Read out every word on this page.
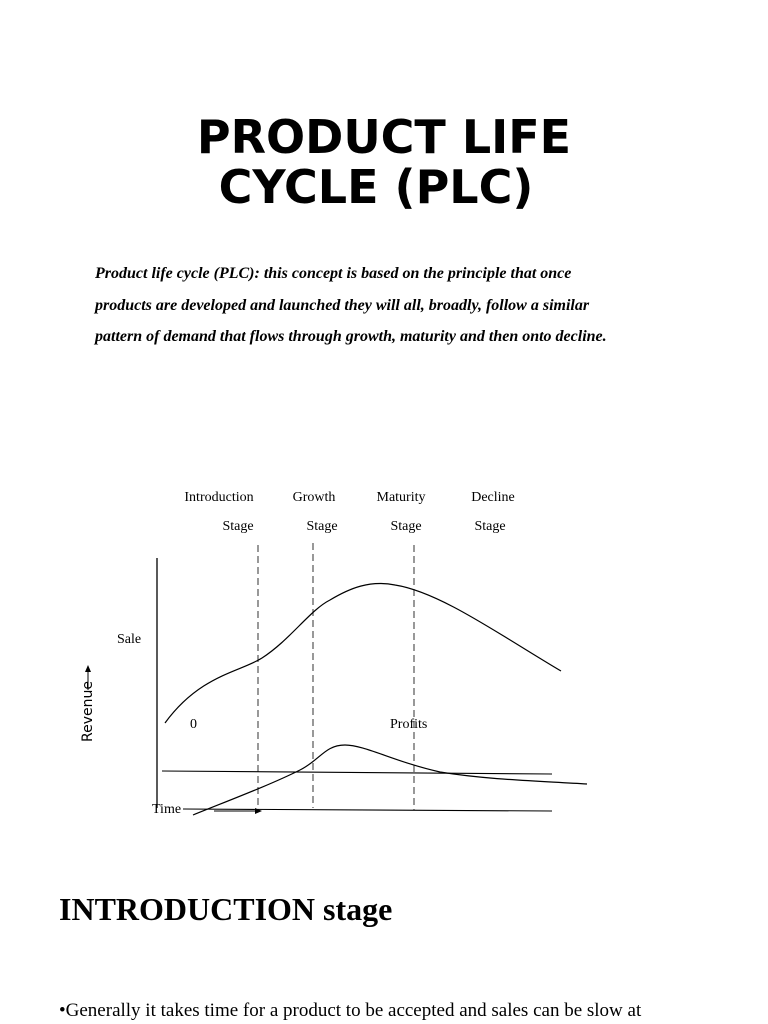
PRODUCT LIFE

CYCLE (PLC)
Product life cycle (PLC): this concept is based on the principle that once
products are developed and launched they will all, broadly, follow a similar
pattern of demand that flows through growth, maturity and then onto decline.
Introduction
Stage
Growth
Stage
Maturity
Stage
Decline
Stage
Sale
Profits
0
Time
Revenue
INTRODUCTION stage
•Generally it takes time for a product to be accepted and sales can be slow at
